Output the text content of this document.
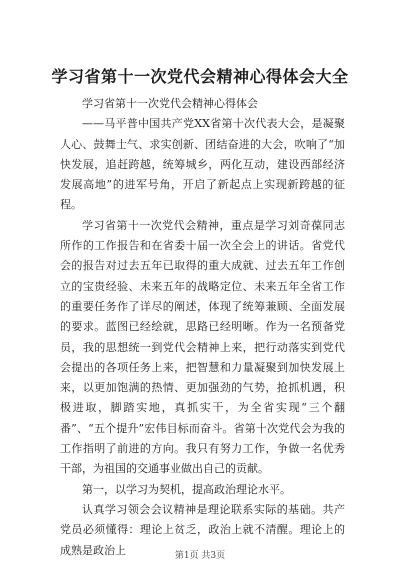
学习省第十一次党代会精神心得体会大全

学习省第十一次党代会精神心得体会

——马平普中国共产党XX省第十次代表大会，是凝聚人心、鼓舞士气、求实创新、团结奋进的大会，吹响了“加快发展，追赶跨越，统筹城乡，两化互动，建设西部经济发展高地”的进军号角，开启了新起点上实现新跨越的征程。

学习省第十一次党代会精神，重点是学习刘奇葆同志所作的工作报告和在省委十届一次全会上的讲话。省党代会的报告对过去五年已取得的重大成就、过去五年工作创立的宝贵经验、未来五年的战略定位、未来五年全省工作的重要任务作了详尽的阐述，体现了统筹兼顾、全面发展的要求。蓝图已经绘就，思路已经明晰。作为一名预备党员，我的思想统一到党代会精神上来，把行动落实到党代会提出的各项任务上来，把智慧和力量凝聚到加快发展上来，以更加饱满的热情、更加强劲的气势，抢抓机遇，积极进取，脚踏实地，真抓实干，为全省实现“三个翻番”、“五个提升”宏伟目标而奋斗。省第十次党代会为我的工作指明了前进的方向。我只有努力工作，争做一名优秀干部，为祖国的交通事业做出自己的贡献。

第一，以学习为契机，提高政治理论水平。

认真学习领会会议精神是理论联系实际的基础。共产党员必须懂得：理论上贫乏，政治上就不清醒。理论上的成熟是政治上	第1页 共3页
